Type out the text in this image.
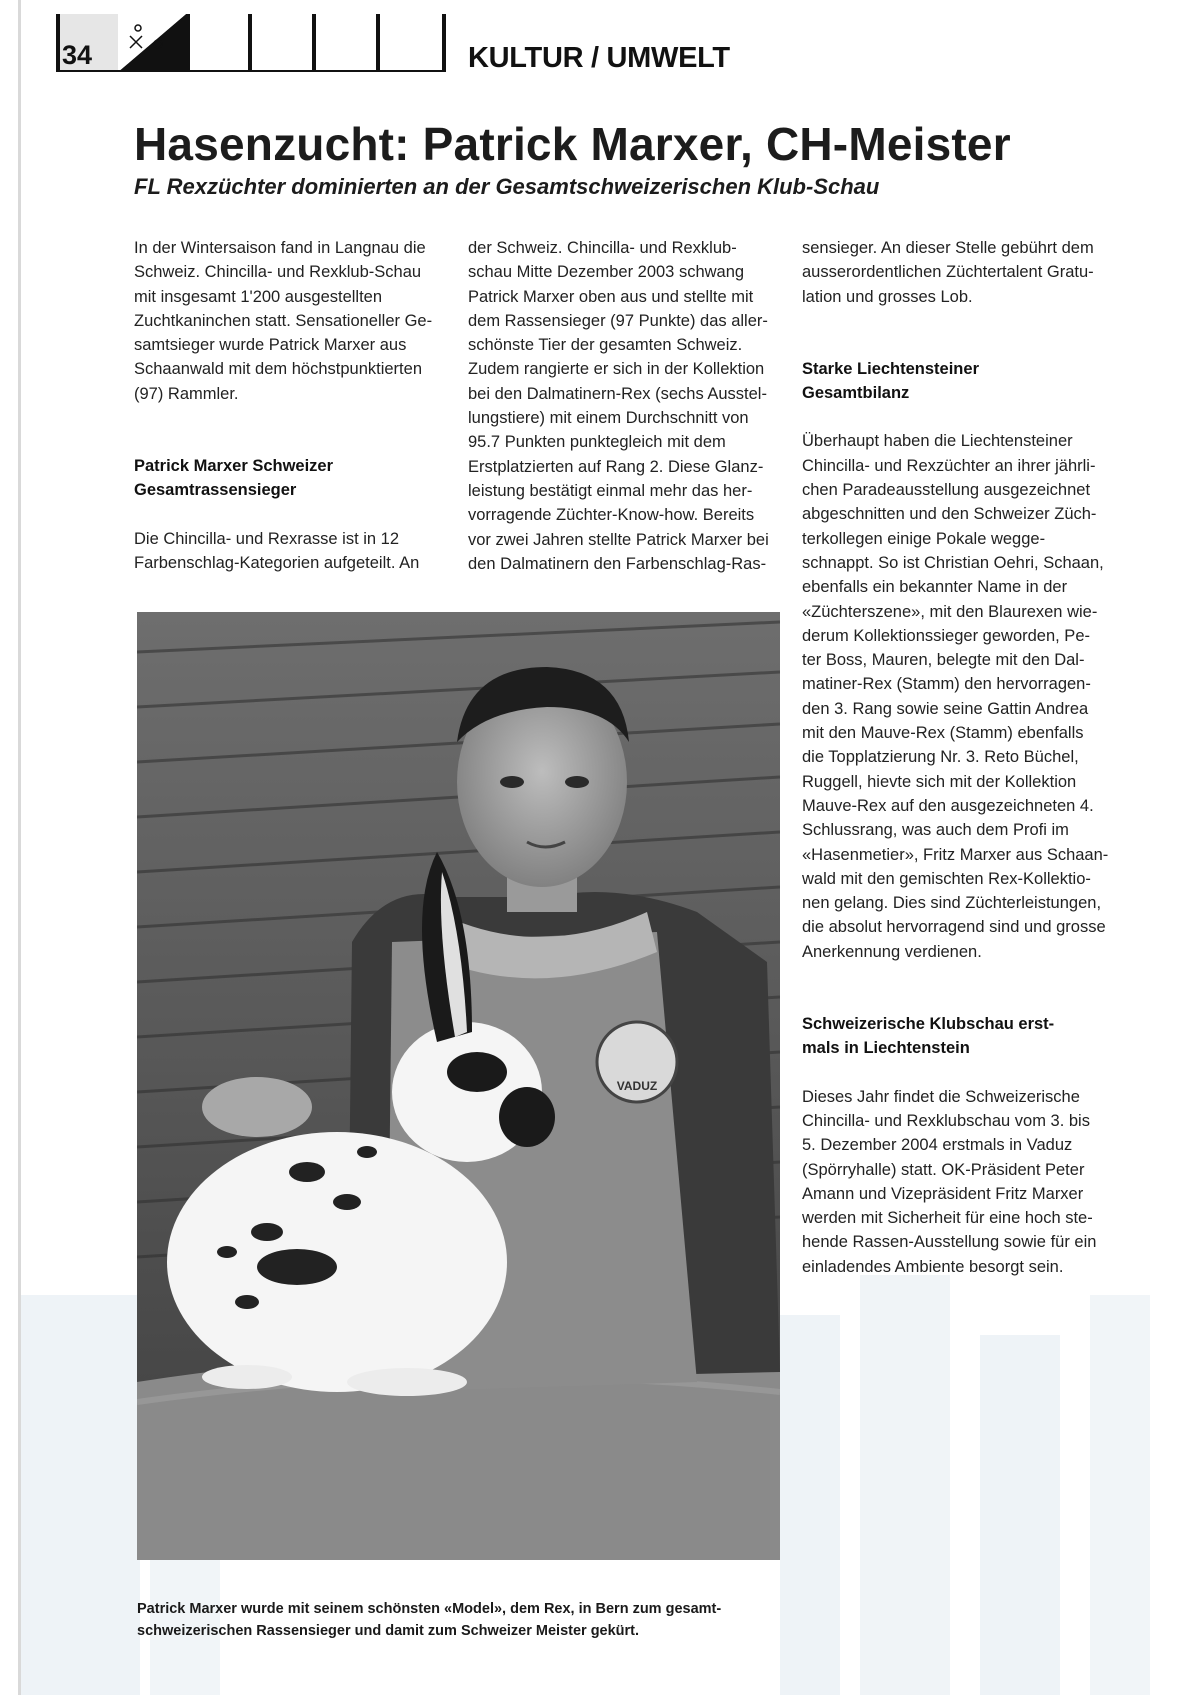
34	KULTUR / UMWELT
Hasenzucht: Patrick Marxer, CH-Meister
FL Rexzüchter dominierten an der Gesamtschweizerischen Klub-Schau

In der Wintersaison fand in Langnau die
Schweiz. Chincilla- und Rexklub-Schau
mit insgesamt 1'200 ausgestellten
Zuchtkaninchen statt. Sensationeller Ge-
samtsieger wurde Patrick Marxer aus
Schaanwald mit dem höchstpunktierten
(97) Rammler.

Patrick Marxer Schweizer
Gesamtrassensieger

Die Chincilla- und Rexrasse ist in 12
Farbenschlag-Kategorien aufgeteilt. An

der Schweiz. Chincilla- und Rexklub-
schau Mitte Dezember 2003 schwang
Patrick Marxer oben aus und stellte mit
dem Rassensieger (97 Punkte) das aller-
schönste Tier der gesamten Schweiz.
Zudem rangierte er sich in der Kollektion
bei den Dalmatinern-Rex (sechs Ausstel-
lungstiere) mit einem Durchschnitt von
95.7 Punkten punktegleich mit dem
Erstplatzierten auf Rang 2. Diese Glanz-
leistung bestätigt einmal mehr das her-
vorragende Züchter-Know-how. Bereits
vor zwei Jahren stellte Patrick Marxer bei
den Dalmatinern den Farbenschlag-Ras-

sensieger. An dieser Stelle gebührt dem
ausserordentlichen Züchtertalent Gratu-
lation und grosses Lob.

Starke Liechtensteiner
Gesamtbilanz

Überhaupt haben die Liechtensteiner
Chincilla- und Rexzüchter an ihrer jährli-
chen Paradeausstellung ausgezeichnet
abgeschnitten und den Schweizer Züch-
terkollegen einige Pokale wegge-
schnappt. So ist Christian Oehri, Schaan,
ebenfalls ein bekannter Name in der
«Züchterszene», mit den Blaurexen wie-
derum Kollektionssieger geworden, Pe-
ter Boss, Mauren, belegte mit den Dal-
matiner-Rex (Stamm) den hervorragen-
den 3. Rang sowie seine Gattin Andrea
mit den Mauve-Rex (Stamm) ebenfalls
die Topplatzierung Nr. 3. Reto Büchel,
Ruggell, hievte sich mit der Kollektion
Mauve-Rex auf den ausgezeichneten 4.
Schlussrang, was auch dem Profi im
«Hasenmetier», Fritz Marxer aus Schaan-
wald mit den gemischten Rex-Kollektio-
nen gelang. Dies sind Züchterleistungen,
die absolut hervorragend sind und grosse
Anerkennung verdienen.

Schweizerische Klubschau erst-
mals in Liechtenstein

Dieses Jahr findet die Schweizerische
Chincilla- und Rexklubschau vom 3. bis
5. Dezember 2004 erstmals in Vaduz
(Spörryhalle) statt. OK-Präsident Peter
Amann und Vizepräsident Fritz Marxer
werden mit Sicherheit für eine hoch ste-
hende Rassen-Ausstellung sowie für ein
einladendes Ambiente besorgt sein.

VADUZ
Patrick Marxer wurde mit seinem schönsten «Model», dem Rex, in Bern zum gesamt-
schweizerischen Rassensieger und damit zum Schweizer Meister gekürt.
